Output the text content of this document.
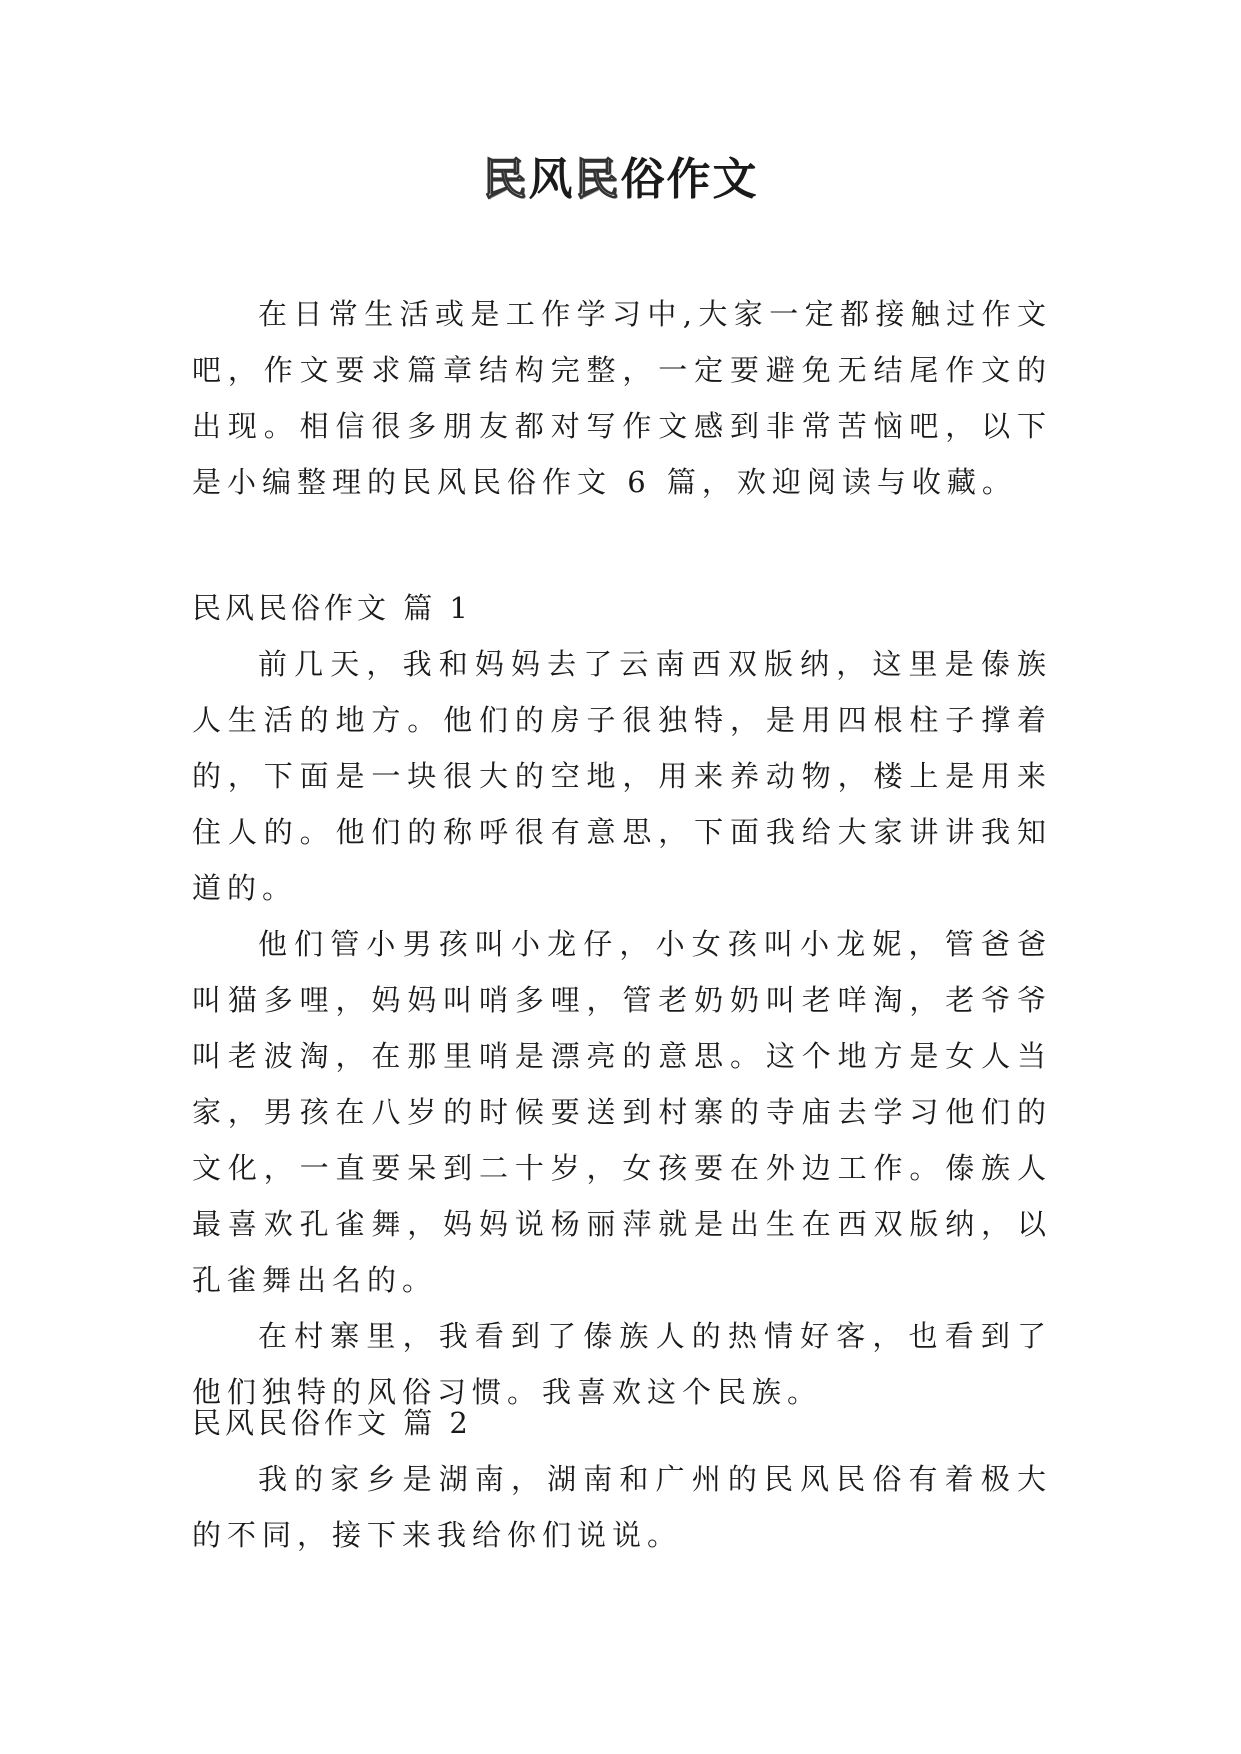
民风民俗作文

在日常生活或是工作学习中,大家一定都接触过作文吧，作文要求篇章结构完整，一定要避免无结尾作文的出现。相信很多朋友都对写作文感到非常苦恼吧，以下是小编整理的民风民俗作文 6 篇，欢迎阅读与收藏。

民风民俗作文 篇 1

前几天，我和妈妈去了云南西双版纳，这里是傣族人生活的地方。他们的房子很独特，是用四根柱子撑着 的，下面是一块很大的空地，用来养动物，楼上是用来住人的。他们的称呼很有意思，下面我给大家讲讲我知 道的。

他们管小男孩叫小龙仔，小女孩叫小龙妮，管爸爸叫猫多哩，妈妈叫哨多哩，管老奶奶叫老咩淘，老爷爷 叫老波淘，在那里哨是漂亮的意思。这个地方是女人当家，男孩在八岁的时候要送到村寨的寺庙去学习他们的 文化，一直要呆到二十岁，女孩要在外边工作。傣族人最喜欢孔雀舞，妈妈说杨丽萍就是出生在西双版纳，以 孔雀舞出名的。

在村寨里，我看到了傣族人的热情好客，也看到了他们独特的风俗习惯。我喜欢这个民族。

民风民俗作文 篇 2

我的家乡是湖南，湖南和广州的民风民俗有着极大的不同，接下来我给你们说说。
